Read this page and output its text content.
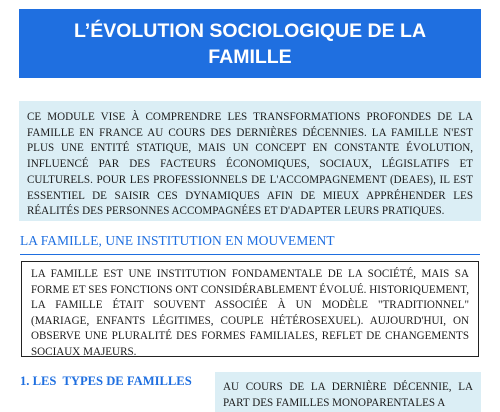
L’ÉVOLUTION SOCIOLOGIQUE DE LA FAMILLE
CE MODULE VISE À COMPRENDRE LES TRANSFORMATIONS PROFONDES DE LA FAMILLE EN FRANCE AU COURS DES DERNIÈRES DÉCENNIES. LA FAMILLE N'EST PLUS UNE ENTITÉ STATIQUE, MAIS UN CONCEPT EN CONSTANTE ÉVOLUTION, INFLUENCÉ PAR DES FACTEURS ÉCONOMIQUES, SOCIAUX, LÉGISLATIFS ET CULTURELS. POUR LES PROFESSIONNELS DE L'ACCOMPAGNEMENT (DEAES), IL EST ESSENTIEL DE SAISIR CES DYNAMIQUES AFIN DE MIEUX APPRÉHENDER LES RÉALITÉS DES PERSONNES ACCOMPAGNÉES ET D'ADAPTER LEURS PRATIQUES.
LA FAMILLE, UNE INSTITUTION EN MOUVEMENT
LA FAMILLE EST UNE INSTITUTION FONDAMENTALE DE LA SOCIÉTÉ, MAIS SA FORME ET SES FONCTIONS ONT CONSIDÉRABLEMENT ÉVOLUÉ. HISTORIQUEMENT, LA FAMILLE ÉTAIT SOUVENT ASSOCIÉE À UN MODÈLE "TRADITIONNEL" (MARIAGE, ENFANTS LÉGITIMES, COUPLE HÉTÉROSEXUEL). AUJOURD'HUI, ON OBSERVE UNE PLURALITÉ DES FORMES FAMILIALES, REFLET DE CHANGEMENTS SOCIAUX MAJEURS.
1. LES  TYPES DE FAMILLES	AU COURS DE LA DERNIÈRE DÉCENNIE, LA PART DES FAMILLES MONOPARENTALES A
